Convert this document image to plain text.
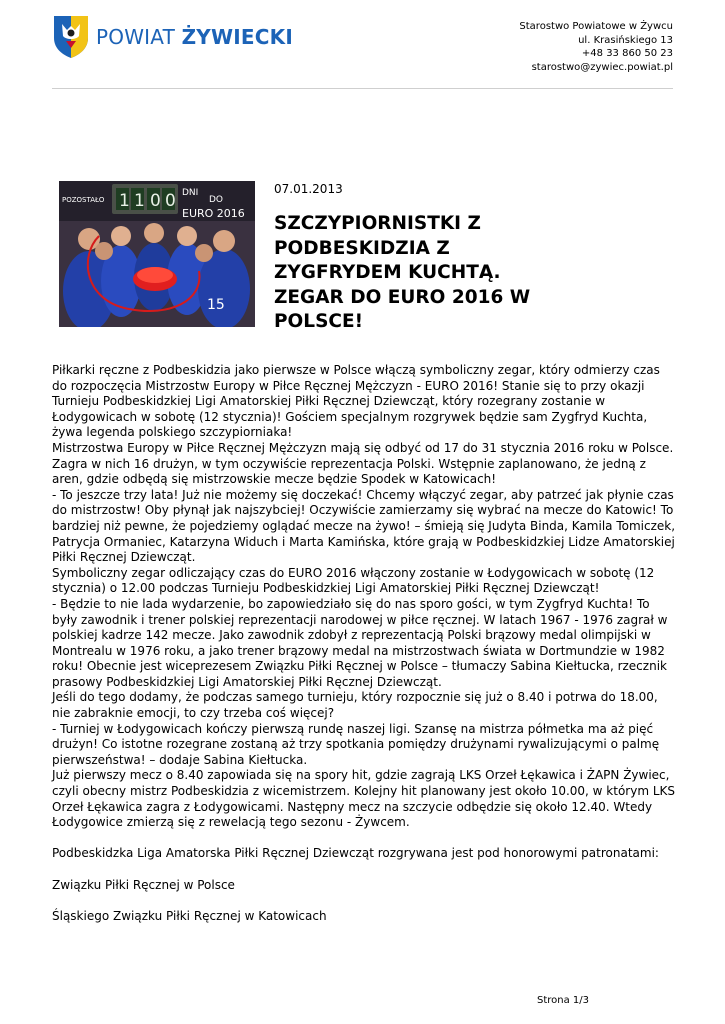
POWIAT ŻYWIECKI	Starostwo Powiatowe w Żywcu
ul. Krasińskiego 13
+48 33 860 50 23
starostwo@zywiec.powiat.pl
1 1 0 0
POZOSTAŁO
DNI
DO
EURO 2016
15
07.01.2013
SZCZYPIORNISTKI Z PODBESKIDZIA Z ZYGFRYDEM KUCHTĄ. ZEGAR DO EURO 2016 W POLSCE!

Piłkarki ręczne z Podbeskidzia jako pierwsze w Polsce włączą symboliczny zegar, który odmierzy czas do rozpoczęcia Mistrzostw Europy w Piłce Ręcznej Mężczyzn - EURO 2016! Stanie się to przy okazji Turnieju Podbeskidzkiej Ligi Amatorskiej Piłki Ręcznej Dziewcząt, który rozegrany zostanie w Łodygowicach w sobotę (12 stycznia)! Gościem specjalnym rozgrywek będzie sam Zygfryd Kuchta, żywa legenda polskiego szczypiorniaka!

Mistrzostwa Europy w Piłce Ręcznej Mężczyzn mają się odbyć od 17 do 31 stycznia 2016 roku w Polsce. Zagra w nich 16 drużyn, w tym oczywiście reprezentacja Polski. Wstępnie zaplanowano, że jedną z aren, gdzie odbędą się mistrzowskie mecze będzie Spodek w Katowicach!

- To jeszcze trzy lata! Już nie możemy się doczekać! Chcemy włączyć zegar, aby patrzeć jak płynie czas do mistrzostw! Oby płynął jak najszybciej! Oczywiście zamierzamy się wybrać na mecze do Katowic! To bardziej niż pewne, że pojedziemy oglądać mecze na żywo! – śmieją się Judyta Binda, Kamila Tomiczek, Patrycja Ormaniec, Katarzyna Widuch i Marta Kamińska, które grają w Podbeskidzkiej Lidze Amatorskiej Piłki Ręcznej Dziewcząt.

Symboliczny zegar odliczający czas do EURO 2016 włączony zostanie w Łodygowicach w sobotę (12 stycznia) o 12.00 podczas Turnieju Podbeskidzkiej Ligi Amatorskiej Piłki Ręcznej Dziewcząt!

- Będzie to nie lada wydarzenie, bo zapowiedziało się do nas sporo gości, w tym Zygfryd Kuchta! To były zawodnik i trener polskiej reprezentacji narodowej w piłce ręcznej. W latach 1967 - 1976 zagrał w polskiej kadrze 142 mecze. Jako zawodnik zdobył z reprezentacją Polski brązowy medal olimpijski w Montrealu w 1976 roku, a jako trener brązowy medal na mistrzostwach świata w Dortmundzie w 1982 roku! Obecnie jest wiceprezesem Związku Piłki Ręcznej w Polsce – tłumaczy Sabina Kiełtucka, rzecznik prasowy Podbeskidzkiej Ligi Amatorskiej Piłki Ręcznej Dziewcząt.

Jeśli do tego dodamy, że podczas samego turnieju, który rozpocznie się już o 8.40 i potrwa do 18.00, nie zabraknie emocji, to czy trzeba coś więcej?

- Turniej w Łodygowicach kończy pierwszą rundę naszej ligi. Szansę na mistrza półmetka ma aż pięć drużyn! Co istotne rozegrane zostaną aż trzy spotkania pomiędzy drużynami rywalizującymi o palmę pierwszeństwa! – dodaje Sabina Kiełtucka.

Już pierwszy mecz o 8.40 zapowiada się na spory hit, gdzie zagrają LKS Orzeł Łękawica i ŻAPN Żywiec, czyli obecny mistrz Podbeskidzia z wicemistrzem. Kolejny hit planowany jest około 10.00, w którym LKS Orzeł Łękawica zagra z Łodygowicami. Następny mecz na szczycie odbędzie się około 12.40. Wtedy Łodygowice zmierzą się z rewelacją tego sezonu - Żywcem.

Podbeskidzka Liga Amatorska Piłki Ręcznej Dziewcząt rozgrywana jest pod honorowymi patronatami:

Związku Piłki Ręcznej w Polsce

Śląskiego Związku Piłki Ręcznej w Katowicach

Strona 1/3
